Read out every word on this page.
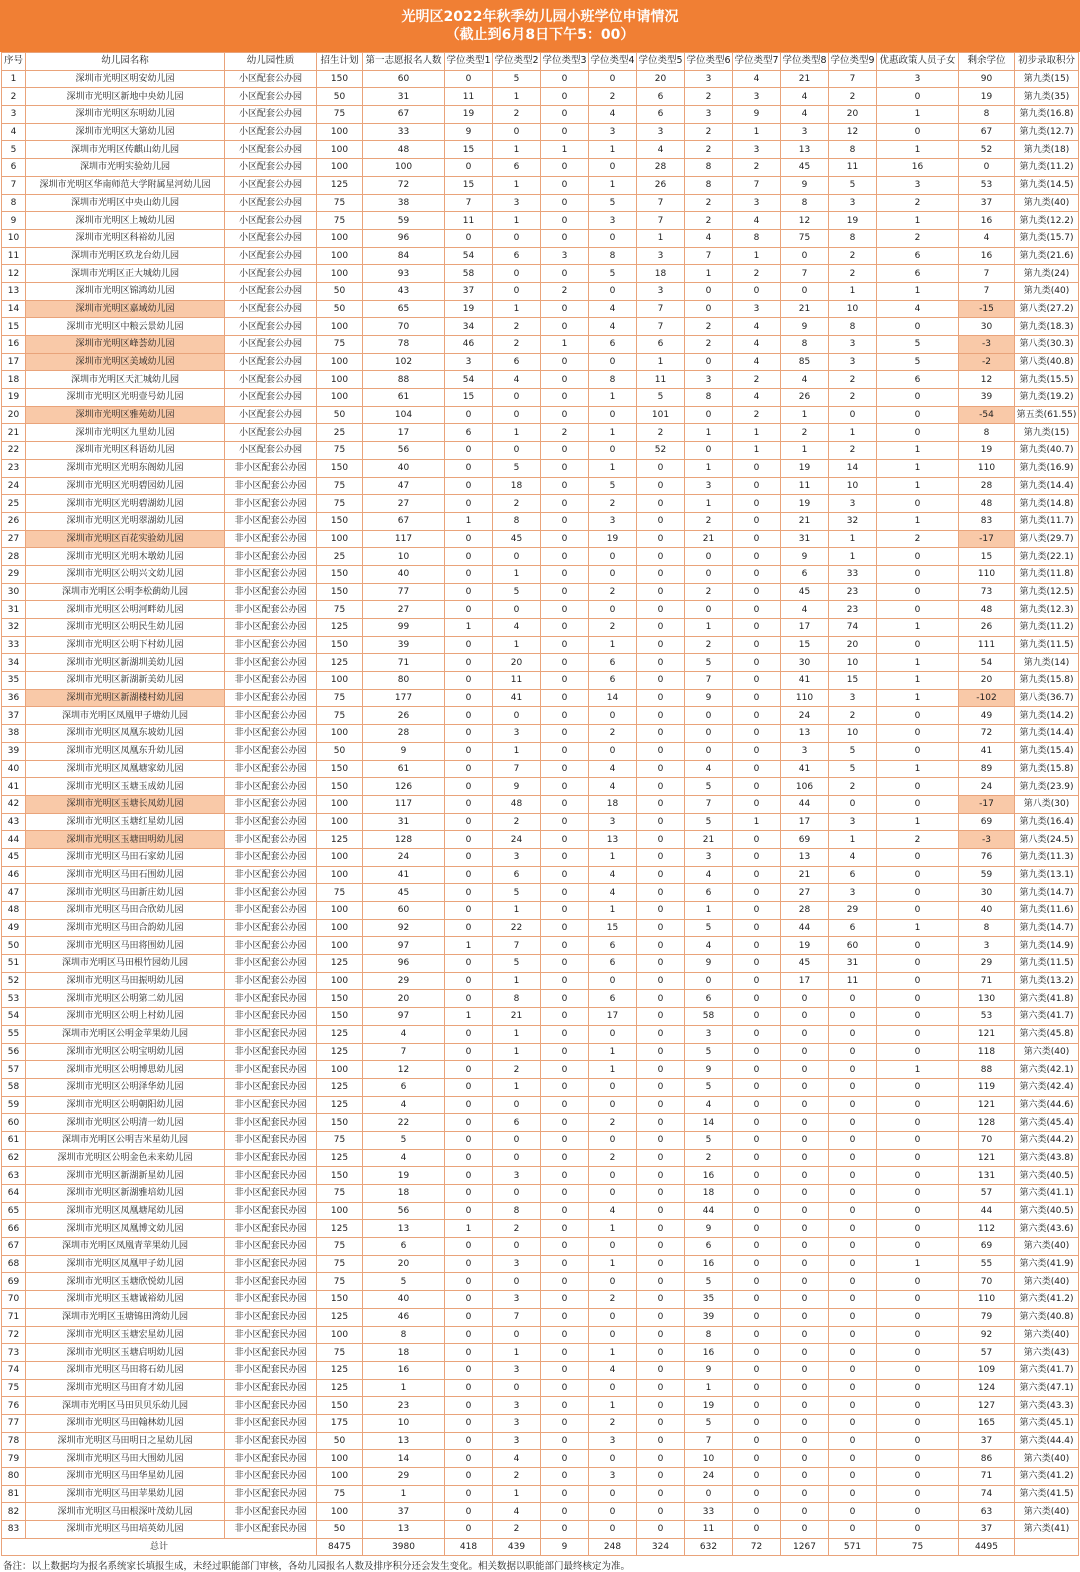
光明区2022年秋季幼儿园小班学位申请情况
（截止到6月8日下午5：00）
序号	幼儿园名称	幼儿园性质	招生计划	第一志愿报名人数	学位类型1	学位类型2	学位类型3	学位类型4	学位类型5	学位类型6	学位类型7	学位类型8	学位类型9	优惠政策人员子女	剩余学位	初步录取积分
1	深圳市光明区明安幼儿园	小区配套公办园	150	60	0	5	0	0	20	3	4	21	7	3	90	第九类(15)
2	深圳市光明区新地中央幼儿园	小区配套公办园	50	31	11	1	0	2	6	2	3	4	2	0	19	第九类(35)
3	深圳市光明区东明幼儿园	小区配套公办园	75	67	19	2	0	4	6	3	9	4	20	1	8	第九类(16.8)
4	深圳市光明区大第幼儿园	小区配套公办园	100	33	9	0	0	3	3	2	1	3	12	0	67	第九类(12.7)
5	深圳市光明区传麒山幼儿园	小区配套公办园	100	48	15	1	1	1	4	2	3	13	8	1	52	第九类(18)
6	深圳市光明实验幼儿园	小区配套公办园	100	100	0	6	0	0	28	8	2	45	11	16	0	第九类(11.2)
7	深圳市光明区华南师范大学附属星河幼儿园	小区配套公办园	125	72	15	1	0	1	26	8	7	9	5	3	53	第九类(14.5)
8	深圳市光明区中央山幼儿园	小区配套公办园	75	38	7	3	0	5	7	2	3	8	3	2	37	第九类(40)
9	深圳市光明区上城幼儿园	小区配套公办园	75	59	11	1	0	3	7	2	4	12	19	1	16	第九类(12.2)
10	深圳市光明区科裕幼儿园	小区配套公办园	100	96	0	0	0	0	1	4	8	75	8	2	4	第九类(15.7)
11	深圳市光明区玖龙台幼儿园	小区配套公办园	100	84	54	6	3	8	3	7	1	0	2	6	16	第九类(21.6)
12	深圳市光明区正大城幼儿园	小区配套公办园	100	93	58	0	0	5	18	1	2	7	2	6	7	第九类(24)
13	深圳市光明区锦鸿幼儿园	小区配套公办园	50	43	37	0	2	0	3	0	0	0	1	1	7	第九类(40)
14	深圳市光明区嘉域幼儿园	小区配套公办园	50	65	19	1	0	4	7	0	3	21	10	4	-15	第八类(27.2)
15	深圳市光明区中粮云景幼儿园	小区配套公办园	100	70	34	2	0	4	7	2	4	9	8	0	30	第九类(18.3)
16	深圳市光明区峰荟幼儿园	小区配套公办园	75	78	46	2	1	6	6	2	4	8	3	5	-3	第八类(30.3)
17	深圳市光明区美域幼儿园	小区配套公办园	100	102	3	6	0	0	1	0	4	85	3	5	-2	第八类(40.8)
18	深圳市光明区天汇城幼儿园	小区配套公办园	100	88	54	4	0	8	11	3	2	4	2	6	12	第九类(15.5)
19	深圳市光明区光明壹号幼儿园	小区配套公办园	100	61	15	0	0	1	5	8	4	26	2	0	39	第九类(19.2)
20	深圳市光明区雅苑幼儿园	小区配套公办园	50	104	0	0	0	0	101	0	2	1	0	0	-54	第五类(61.55)
21	深圳市光明区九里幼儿园	小区配套公办园	25	17	6	1	2	1	2	1	1	2	1	0	8	第九类(15)
22	深圳市光明区科语幼儿园	小区配套公办园	75	56	0	0	0	0	52	0	1	1	2	1	19	第九类(40.7)
23	深圳市光明区光明东阁幼儿园	非小区配套公办园	150	40	0	5	0	1	0	1	0	19	14	1	110	第九类(16.9)
24	深圳市光明区光明碧园幼儿园	非小区配套公办园	75	47	0	18	0	5	0	3	0	11	10	1	28	第九类(14.4)
25	深圳市光明区光明碧湖幼儿园	非小区配套公办园	75	27	0	2	0	2	0	1	0	19	3	0	48	第九类(14.8)
26	深圳市光明区光明翠湖幼儿园	非小区配套公办园	150	67	1	8	0	3	0	2	0	21	32	1	83	第九类(11.7)
27	深圳市光明区百花实验幼儿园	非小区配套公办园	100	117	0	45	0	19	0	21	0	31	1	2	-17	第八类(29.7)
28	深圳市光明区光明木墩幼儿园	非小区配套公办园	25	10	0	0	0	0	0	0	0	9	1	0	15	第九类(22.1)
29	深圳市光明区公明兴文幼儿园	非小区配套公办园	150	40	0	1	0	0	0	0	0	6	33	0	110	第九类(11.8)
30	深圳市光明区公明李松蓢幼儿园	非小区配套公办园	150	77	0	5	0	2	0	2	0	45	23	0	73	第九类(12.5)
31	深圳市光明区公明河畔幼儿园	非小区配套公办园	75	27	0	0	0	0	0	0	0	4	23	0	48	第九类(12.3)
32	深圳市光明区公明民生幼儿园	非小区配套公办园	125	99	1	4	0	2	0	1	0	17	74	1	26	第九类(11.2)
33	深圳市光明区公明下村幼儿园	非小区配套公办园	150	39	0	1	0	1	0	2	0	15	20	0	111	第九类(11.5)
34	深圳市光明区新湖圳美幼儿园	非小区配套公办园	125	71	0	20	0	6	0	5	0	30	10	1	54	第九类(14)
35	深圳市光明区新湖新美幼儿园	非小区配套公办园	100	80	0	11	0	6	0	7	0	41	15	1	20	第九类(15.8)
36	深圳市光明区新湖楼村幼儿园	非小区配套公办园	75	177	0	41	0	14	0	9	0	110	3	1	-102	第八类(36.7)
37	深圳市光明区凤凰甲子塘幼儿园	非小区配套公办园	75	26	0	0	0	0	0	0	0	24	2	0	49	第九类(14.2)
38	深圳市光明区凤凰东坡幼儿园	非小区配套公办园	100	28	0	3	0	2	0	0	0	13	10	0	72	第九类(14.4)
39	深圳市光明区凤凰东升幼儿园	非小区配套公办园	50	9	0	1	0	0	0	0	0	3	5	0	41	第九类(15.4)
40	深圳市光明区凤凰塘家幼儿园	非小区配套公办园	150	61	0	7	0	4	0	4	0	41	5	1	89	第九类(15.8)
41	深圳市光明区玉塘玉成幼儿园	非小区配套公办园	150	126	0	9	0	4	0	5	0	106	2	0	24	第九类(23.9)
42	深圳市光明区玉塘长凤幼儿园	非小区配套公办园	100	117	0	48	0	18	0	7	0	44	0	0	-17	第八类(30)
43	深圳市光明区玉塘红星幼儿园	非小区配套公办园	100	31	0	2	0	3	0	5	1	17	3	1	69	第九类(16.4)
44	深圳市光明区玉塘田明幼儿园	非小区配套公办园	125	128	0	24	0	13	0	21	0	69	1	2	-3	第八类(24.5)
45	深圳市光明区马田石家幼儿园	非小区配套公办园	100	24	0	3	0	1	0	3	0	13	4	0	76	第九类(11.3)
46	深圳市光明区马田石围幼儿园	非小区配套公办园	100	41	0	6	0	4	0	4	0	21	6	0	59	第九类(13.1)
47	深圳市光明区马田新庄幼儿园	非小区配套公办园	75	45	0	5	0	4	0	6	0	27	3	0	30	第九类(14.7)
48	深圳市光明区马田合欣幼儿园	非小区配套公办园	100	60	0	1	0	1	0	1	0	28	29	0	40	第九类(11.6)
49	深圳市光明区马田合韵幼儿园	非小区配套公办园	100	92	0	22	0	15	0	5	0	44	6	1	8	第九类(14.7)
50	深圳市光明区马田将围幼儿园	非小区配套公办园	100	97	1	7	0	6	0	4	0	19	60	0	3	第九类(14.9)
51	深圳市光明区马田根竹园幼儿园	非小区配套公办园	125	96	0	5	0	6	0	9	0	45	31	0	29	第九类(11.5)
52	深圳市光明区马田振明幼儿园	非小区配套公办园	100	29	0	1	0	0	0	0	0	17	11	0	71	第九类(13.2)
53	深圳市光明区公明第二幼儿园	非小区配套民办园	150	20	0	8	0	6	0	6	0	0	0	0	130	第六类(41.8)
54	深圳市光明区公明上村幼儿园	非小区配套民办园	150	97	1	21	0	17	0	58	0	0	0	0	53	第六类(41.7)
55	深圳市光明区公明金苹果幼儿园	非小区配套民办园	125	4	0	1	0	0	0	3	0	0	0	0	121	第六类(45.8)
56	深圳市光明区公明宝明幼儿园	非小区配套民办园	125	7	0	1	0	1	0	5	0	0	0	0	118	第六类(40)
57	深圳市光明区公明博思幼儿园	非小区配套民办园	100	12	0	2	0	1	0	9	0	0	0	1	88	第六类(42.1)
58	深圳市光明区公明泽华幼儿园	非小区配套民办园	125	6	0	1	0	0	0	5	0	0	0	0	119	第六类(42.4)
59	深圳市光明区公明朝阳幼儿园	非小区配套民办园	125	4	0	0	0	0	0	4	0	0	0	0	121	第六类(44.6)
60	深圳市光明区公明清一幼儿园	非小区配套民办园	150	22	0	6	0	2	0	14	0	0	0	0	128	第六类(45.4)
61	深圳市光明区公明吉米星幼儿园	非小区配套民办园	75	5	0	0	0	0	0	5	0	0	0	0	70	第六类(44.2)
62	深圳市光明区公明金色未来幼儿园	非小区配套民办园	125	4	0	0	0	2	0	2	0	0	0	0	121	第六类(43.8)
63	深圳市光明区新湖新星幼儿园	非小区配套民办园	150	19	0	3	0	0	0	16	0	0	0	0	131	第六类(40.5)
64	深圳市光明区新湖雅培幼儿园	非小区配套民办园	75	18	0	0	0	0	0	18	0	0	0	0	57	第六类(41.1)
65	深圳市光明区凤凰塘尾幼儿园	非小区配套民办园	100	56	0	8	0	4	0	44	0	0	0	0	44	第六类(40.5)
66	深圳市光明区凤凰博文幼儿园	非小区配套民办园	125	13	1	2	0	1	0	9	0	0	0	0	112	第六类(43.6)
67	深圳市光明区凤凰青苹果幼儿园	非小区配套民办园	75	6	0	0	0	0	0	6	0	0	0	0	69	第六类(40)
68	深圳市光明区凤凰甲子幼儿园	非小区配套民办园	75	20	0	3	0	1	0	16	0	0	0	1	55	第六类(41.9)
69	深圳市光明区玉塘欣悦幼儿园	非小区配套民办园	75	5	0	0	0	0	0	5	0	0	0	0	70	第六类(40)
70	深圳市光明区玉塘诚裕幼儿园	非小区配套民办园	150	40	0	3	0	2	0	35	0	0	0	0	110	第六类(41.2)
71	深圳市光明区玉塘锦田湾幼儿园	非小区配套民办园	125	46	0	7	0	0	0	39	0	0	0	0	79	第六类(40.8)
72	深圳市光明区玉塘宏星幼儿园	非小区配套民办园	100	8	0	0	0	0	0	8	0	0	0	0	92	第六类(40)
73	深圳市光明区玉塘启明幼儿园	非小区配套民办园	75	18	0	1	0	1	0	16	0	0	0	0	57	第六类(43)
74	深圳市光明区马田将石幼儿园	非小区配套民办园	125	16	0	3	0	4	0	9	0	0	0	0	109	第六类(41.7)
75	深圳市光明区马田育才幼儿园	非小区配套民办园	125	1	0	0	0	0	0	1	0	0	0	0	124	第六类(47.1)
76	深圳市光明区马田贝贝乐幼儿园	非小区配套民办园	150	23	0	3	0	1	0	19	0	0	0	0	127	第六类(43.3)
77	深圳市光明区马田翰林幼儿园	非小区配套民办园	175	10	0	3	0	2	0	5	0	0	0	0	165	第六类(45.1)
78	深圳市光明区马田明日之星幼儿园	非小区配套民办园	50	13	0	3	0	3	0	7	0	0	0	0	37	第六类(44.4)
79	深圳市光明区马田大围幼儿园	非小区配套民办园	100	14	0	4	0	0	0	10	0	0	0	0	86	第六类(40)
80	深圳市光明区马田华星幼儿园	非小区配套民办园	100	29	0	2	0	3	0	24	0	0	0	0	71	第六类(41.2)
81	深圳市光明区马田苹果幼儿园	非小区配套民办园	75	1	0	1	0	0	0	0	0	0	0	0	74	第六类(41.5)
82	深圳市光明区马田根深叶茂幼儿园	非小区配套民办园	100	37	0	4	0	0	0	33	0	0	0	0	63	第六类(40)
83	深圳市光明区马田培英幼儿园	非小区配套民办园	50	13	0	2	0	0	0	11	0	0	0	0	37	第六类(41)
总计			8475	3980	418	439	9	248	324	632	72	1267	571	75	4495	
备注：以上数据均为报名系统家长填报生成，未经过职能部门审核，各幼儿园报名人数及排序积分还会发生变化。相关数据以职能部门最终核定为准。
